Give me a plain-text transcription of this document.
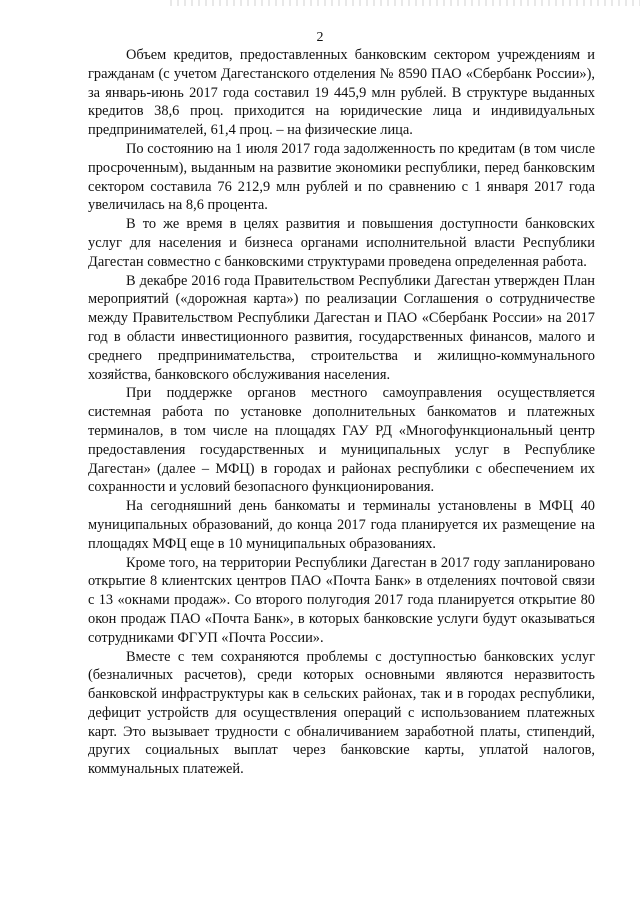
2

Объем кредитов, предоставленных банковским сектором учреждениям и гражданам (с учетом Дагестанского отделения № 8590 ПАО «Сбербанк России»), за январь-июнь 2017 года составил 19 445,9 млн рублей. В структуре выданных кредитов 38,6 проц. приходится на юридические лица и индивидуальных предпринимателей, 61,4 проц. – на физические лица.

По состоянию на 1 июля 2017 года задолженность по кредитам (в том числе просроченным), выданным на развитие экономики республики, перед банковским сектором составила 76 212,9 млн рублей и по сравнению с 1 января 2017 года увеличилась на 8,6 процента.

В то же время в целях развития и повышения доступности банковских услуг для населения и бизнеса органами исполнительной власти Республики Дагестан совместно с банковскими структурами проведена определенная работа.

В декабре 2016 года Правительством Республики Дагестан утвержден План мероприятий («дорожная карта») по реализации Соглашения о сотрудничестве между Правительством Республики Дагестан и ПАО «Сбербанк России» на 2017 год в области инвестиционного развития, государственных финансов, малого и среднего предпринимательства, строительства и жилищно-коммунального хозяйства, банковского обслуживания населения.

При поддержке органов местного самоуправления осуществляется системная работа по установке дополнительных банкоматов и платежных терминалов, в том числе на площадях ГАУ РД «Многофункциональный центр предоставления государственных и муниципальных услуг в Республике Дагестан» (далее – МФЦ) в городах и районах республики с обеспечением их сохранности и условий безопасного функционирования.

На сегодняшний день банкоматы и терминалы установлены в МФЦ 40 муниципальных образований, до конца 2017 года планируется их размещение на площадях МФЦ еще в 10 муниципальных образованиях.

Кроме того, на территории Республики Дагестан в 2017 году запланировано открытие 8 клиентских центров ПАО «Почта Банк» в отделениях почтовой связи с 13 «окнами продаж». Со второго полугодия 2017 года планируется открытие 80 окон продаж ПАО «Почта Банк», в которых банковские услуги будут оказываться сотрудниками ФГУП «Почта России».

Вместе с тем сохраняются проблемы с доступностью банковских услуг (безналичных расчетов), среди которых основными являются неразвитость банковской инфраструктуры как в сельских районах, так и в городах республики, дефицит устройств для осуществления операций с использованием платежных карт. Это вызывает трудности с обналичиванием заработной платы, стипендий, других социальных выплат через банковские карты, уплатой налогов, коммунальных платежей.
